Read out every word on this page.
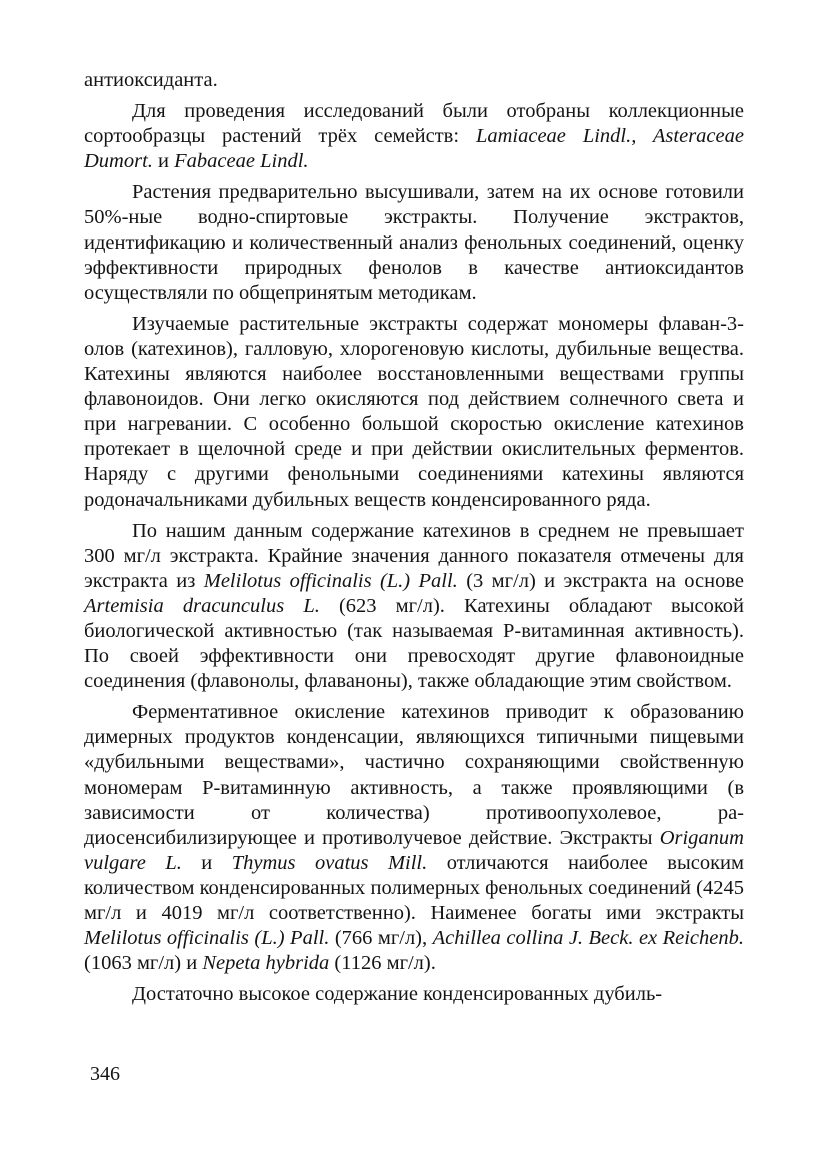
антиоксиданта.

Для проведения исследований были отобраны коллекционные сортообразцы растений трёх семейств: Lamiaceae Lindl., Asteraceae Dumort. и Fabaceae Lindl.

Растения предварительно высушивали, затем на их основе готовили 50%-ные водно-спиртовые экстракты. Получение экстрактов, идентификацию и количественный анализ фенольных соединений, оценку эффективности природных фенолов в качестве антиоксидантов осуществляли по общепринятым методикам.

Изучаемые растительные экстракты содержат мономеры флаван-3-олов (катехинов), галловую, хлорогеновую кислоты, дубильные вещества. Катехины являются наиболее восстановленными веществами группы флавоноидов. Они легко окисляются под действием солнечного света и при нагревании. С особенно большой скоростью окисление катехинов протекает в щелочной среде и при действии окислительных ферментов. Наряду с другими фенольными соединениями катехины являются родоначальниками дубильных веществ конденсированного ряда.

По нашим данным содержание катехинов в среднем не превышает 300 мг/л экстракта. Крайние значения данного показателя отмечены для экстракта из Melilotus officinalis (L.) Pall. (3 мг/л) и экстракта на основе Artemisia dracunculus L. (623 мг/л). Катехины обладают высокой биологической активностью (так называемая Р-витаминная активность). По своей эффективности они превосходят другие флавоноидные соединения (флавонолы, флаваноны), также обладающие этим свойством.

Ферментативное окисление катехинов приводит к образованию димерных продуктов конденсации, являющихся типичными пищевыми «дубильными веществами», частично сохраняющими свойственную мономерам Р-витаминную активность, а также проявляющими (в зависимости от количества) противоопухолевое, радиосенсибилизирующее и противолучевое действие. Экстракты Origanum vulgare L. и Thymus ovatus Mill. отличаются наиболее высоким количеством конденсированных полимерных фенольных соединений (4245 мг/л и 4019 мг/л соответственно). Наименее богаты ими экстракты Melilotus officinalis (L.) Pall. (766 мг/л), Achillea collina J. Beck. ex Reichenb. (1063 мг/л) и Nepeta hybrida (1126 мг/л).

Достаточно высокое содержание конденсированных дубиль-

346
